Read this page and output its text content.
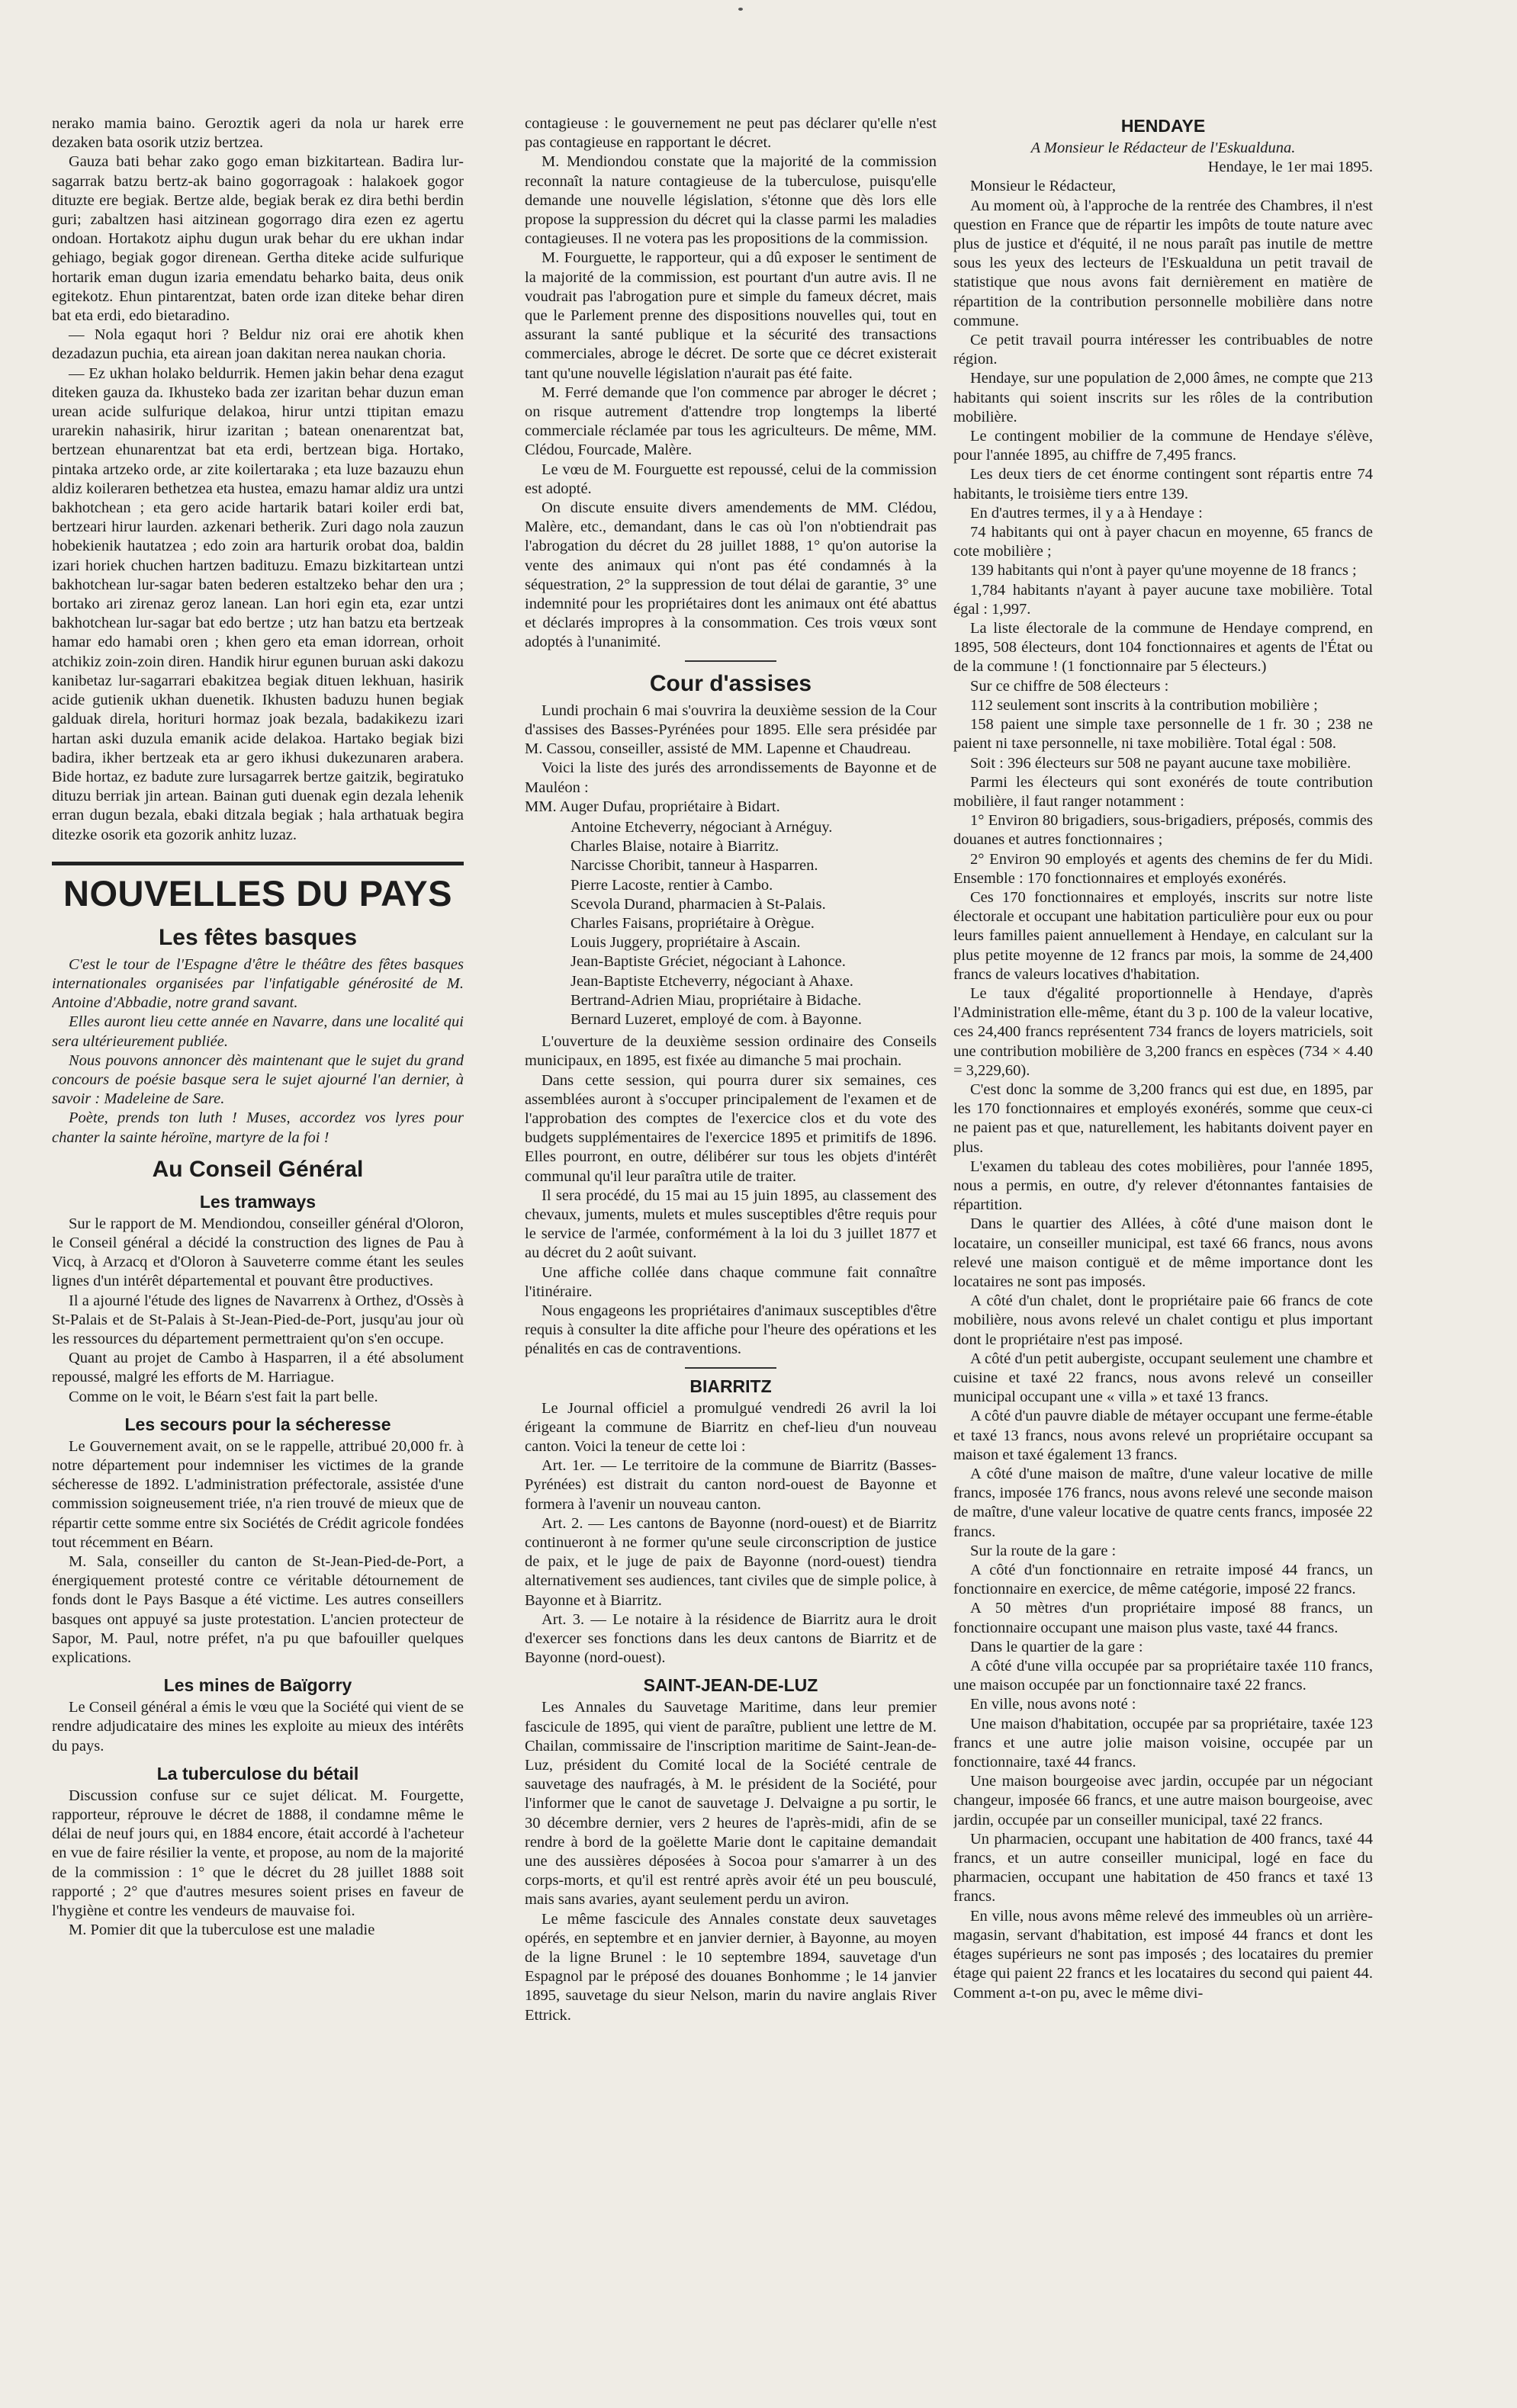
nerako mamia baino. Geroztik ageri da nola ur harek erre dezaken bata osorik utziz bertzea.

Gauza bati behar zako gogo eman bizkitartean. Badira lur-sagarrak batzu bertz-ak baino gogorragoak : halakoek gogor dituzte ere begiak. Bertze alde, begiak berak ez dira bethi berdin guri; zabaltzen hasi aitzinean gogorrago dira ezen ez agertu ondoan. Hortakotz aiphu dugun urak behar du ere ukhan indar gehiago, begiak gogor direnean. Gertha diteke acide sulfurique hortarik eman dugun izaria emendatu beharko baita, deus onik egitekotz. Ehun pintarentzat, baten orde izan diteke behar diren bat eta erdi, edo bietaradino.

— Nola egaqut hori ? Beldur niz orai ere ahotik khen dezadazun puchia, eta airean joan dakitan nerea naukan choria.

— Ez ukhan holako beldurrik. Hemen jakin behar dena ezagut diteken gauza da. Ikhusteko bada zer izaritan behar duzun eman urean acide sulfurique delakoa, hirur untzi ttipitan emazu urarekin nahasirik, hirur izaritan ; batean onenarentzat bat, bertzean ehunarentzat bat eta erdi, bertzean biga. Hortako, pintaka artzeko orde, ar zite koilertaraka ; eta luze bazauzu ehun aldiz koileraren bethetzea eta hustea, emazu hamar aldiz ura untzi bakhotchean ; eta gero acide hartarik batari koiler erdi bat, bertzeari hirur laurden. azkenari betherik. Zuri dago nola zauzun hobekienik hautatzea ; edo zoin ara harturik orobat doa, baldin izari horiek chuchen hartzen badituzu. Emazu bizkitartean untzi bakhotchean lur-sagar baten bederen estaltzeko behar den ura ; bortako ari zirenaz geroz lanean. Lan hori egin eta, ezar untzi bakhotchean lur-sagar bat edo bertze ; utz han batzu eta bertzeak hamar edo hamabi oren ; khen gero eta eman idorrean, orhoit atchikiz zoin-zoin diren. Handik hirur egunen buruan aski dakozu kanibetaz lur-sagarrari ebakitzea begiak dituen lekhuan, hasirik acide gutienik ukhan duenetik. Ikhusten baduzu hunen begiak galduak direla, horituri hormaz joak bezala, badakikezu izari hartan aski duzula emanik acide delakoa. Hartako begiak bizi badira, ikher bertzeak eta ar gero ikhusi dukezunaren arabera. Bide hortaz, ez badute zure lursagarrek bertze gaitzik, begiratuko dituzu berriak jin artean. Bainan guti duenak egin dezala lehenik erran dugun bezala, ebaki ditzala begiak ; hala arthatuak begira ditezke osorik eta gozorik anhitz luzaz.

NOUVELLES DU PAYS
Les fêtes basques

C'est le tour de l'Espagne d'être le théâtre des fêtes basques internationales organisées par l'infatigable générosité de M. Antoine d'Abbadie, notre grand savant.

Elles auront lieu cette année en Navarre, dans une localité qui sera ultérieurement publiée.

Nous pouvons annoncer dès maintenant que le sujet du grand concours de poésie basque sera le sujet ajourné l'an dernier, à savoir : Madeleine de Sare.

Poète, prends ton luth ! Muses, accordez vos lyres pour chanter la sainte héroïne, martyre de la foi !

Au Conseil Général
Les tramways

Sur le rapport de M. Mendiondou, conseiller général d'Oloron, le Conseil général a décidé la construction des lignes de Pau à Vicq, à Arzacq et d'Oloron à Sauveterre comme étant les seules lignes d'un intérêt départemental et pouvant être productives.

Il a ajourné l'étude des lignes de Navarrenx à Orthez, d'Ossès à St-Palais et de St-Palais à St-Jean-Pied-de-Port, jusqu'au jour où les ressources du département permettraient qu'on s'en occupe.

Quant au projet de Cambo à Hasparren, il a été absolument repoussé, malgré les efforts de M. Harriague.

Comme on le voit, le Béarn s'est fait la part belle.

Les secours pour la sécheresse

Le Gouvernement avait, on se le rappelle, attribué 20,000 fr. à notre département pour indemniser les victimes de la grande sécheresse de 1892. L'administration préfectorale, assistée d'une commission soigneusement triée, n'a rien trouvé de mieux que de répartir cette somme entre six Sociétés de Crédit agricole fondées tout récemment en Béarn.

M. Sala, conseiller du canton de St-Jean-Pied-de-Port, a énergiquement protesté contre ce véritable détournement de fonds dont le Pays Basque a été victime. Les autres conseillers basques ont appuyé sa juste protestation. L'ancien protecteur de Sapor, M. Paul, notre préfet, n'a pu que bafouiller quelques explications.

Les mines de Baïgorry

Le Conseil général a émis le vœu que la Société qui vient de se rendre adjudicataire des mines les exploite au mieux des intérêts du pays.

La tuberculose du bétail

Discussion confuse sur ce sujet délicat. M. Fourgette, rapporteur, réprouve le décret de 1888, il condamne même le délai de neuf jours qui, en 1884 encore, était accordé à l'acheteur en vue de faire résilier la vente, et propose, au nom de la majorité de la commission : 1° que le décret du 28 juillet 1888 soit rapporté ; 2° que d'autres mesures soient prises en faveur de l'hygiène et contre les vendeurs de mauvaise foi.

M. Pomier dit que la tuberculose est une maladie

contagieuse : le gouvernement ne peut pas déclarer qu'elle n'est pas contagieuse en rapportant le décret.

M. Mendiondou constate que la majorité de la commission reconnaît la nature contagieuse de la tuberculose, puisqu'elle demande une nouvelle législation, s'étonne que dès lors elle propose la suppression du décret qui la classe parmi les maladies contagieuses. Il ne votera pas les propositions de la commission.

M. Fourguette, le rapporteur, qui a dû exposer le sentiment de la majorité de la commission, est pourtant d'un autre avis. Il ne voudrait pas l'abrogation pure et simple du fameux décret, mais que le Parlement prenne des dispositions nouvelles qui, tout en assurant la santé publique et la sécurité des transactions commerciales, abroge le décret. De sorte que ce décret existerait tant qu'une nouvelle législation n'aurait pas été faite.

M. Ferré demande que l'on commence par abroger le décret ; on risque autrement d'attendre trop longtemps la liberté commerciale réclamée par tous les agriculteurs. De même, MM. Clédou, Fourcade, Malère.

Le vœu de M. Fourguette est repoussé, celui de la commission est adopté.

On discute ensuite divers amendements de MM. Clédou, Malère, etc., demandant, dans le cas où l'on n'obtiendrait pas l'abrogation du décret du 28 juillet 1888, 1° qu'on autorise la vente des animaux qui n'ont pas été condamnés à la séquestration, 2° la suppression de tout délai de garantie, 3° une indemnité pour les propriétaires dont les animaux ont été abattus et déclarés impropres à la consommation. Ces trois vœux sont adoptés à l'unanimité.

Cour d'assises

Lundi prochain 6 mai s'ouvrira la deuxième session de la Cour d'assises des Basses-Pyrénées pour 1895. Elle sera présidée par M. Cassou, conseiller, assisté de MM. Lapenne et Chaudreau.

Voici la liste des jurés des arrondissements de Bayonne et de Mauléon :

MM. Auger Dufau, propriétaire à Bidart.

Antoine Etcheverry, négociant à Arnéguy.
Charles Blaise, notaire à Biarritz.
Narcisse Choribit, tanneur à Hasparren.
Pierre Lacoste, rentier à Cambo.
Scevola Durand, pharmacien à St-Palais.
Charles Faisans, propriétaire à Orègue.
Louis Juggery, propriétaire à Ascain.
Jean-Baptiste Gréciet, négociant à Lahonce.
Jean-Baptiste Etcheverry, négociant à Ahaxe.
Bertrand-Adrien Miau, propriétaire à Bidache.
Bernard Luzeret, employé de com. à Bayonne.

L'ouverture de la deuxième session ordinaire des Conseils municipaux, en 1895, est fixée au dimanche 5 mai prochain.

Dans cette session, qui pourra durer six semaines, ces assemblées auront à s'occuper principalement de l'examen et de l'approbation des comptes de l'exercice clos et du vote des budgets supplémentaires de l'exercice 1895 et primitifs de 1896. Elles pourront, en outre, délibérer sur tous les objets d'intérêt communal qu'il leur paraîtra utile de traiter.

Il sera procédé, du 15 mai au 15 juin 1895, au classement des chevaux, juments, mulets et mules susceptibles d'être requis pour le service de l'armée, conformément à la loi du 3 juillet 1877 et au décret du 2 août suivant.

Une affiche collée dans chaque commune fait connaître l'itinéraire.

Nous engageons les propriétaires d'animaux susceptibles d'être requis à consulter la dite affiche pour l'heure des opérations et les pénalités en cas de contraventions.

BIARRITZ

Le Journal officiel a promulgué vendredi 26 avril la loi érigeant la commune de Biarritz en chef-lieu d'un nouveau canton. Voici la teneur de cette loi :

Art. 1er. — Le territoire de la commune de Biarritz (Basses-Pyrénées) est distrait du canton nord-ouest de Bayonne et formera à l'avenir un nouveau canton.

Art. 2. — Les cantons de Bayonne (nord-ouest) et de Biarritz continueront à ne former qu'une seule circonscription de justice de paix, et le juge de paix de Bayonne (nord-ouest) tiendra alternativement ses audiences, tant civiles que de simple police, à Bayonne et à Biarritz.

Art. 3. — Le notaire à la résidence de Biarritz aura le droit d'exercer ses fonctions dans les deux cantons de Biarritz et de Bayonne (nord-ouest).

SAINT-JEAN-DE-LUZ

Les Annales du Sauvetage Maritime, dans leur premier fascicule de 1895, qui vient de paraître, publient une lettre de M. Chailan, commissaire de l'inscription maritime de Saint-Jean-de-Luz, président du Comité local de la Société centrale de sauvetage des naufragés, à M. le président de la Société, pour l'informer que le canot de sauvetage J. Delvaigne a pu sortir, le 30 décembre dernier, vers 2 heures de l'après-midi, afin de se rendre à bord de la goëlette Marie dont le capitaine demandait une des aussières déposées à Socoa pour s'amarrer à un des corps-morts, et qu'il est rentré après avoir été un peu bousculé, mais sans avaries, ayant seulement perdu un aviron.

Le même fascicule des Annales constate deux sauvetages opérés, en septembre et en janvier dernier, à Bayonne, au moyen de la ligne Brunel : le 10 septembre 1894, sauvetage d'un Espagnol par le préposé des douanes Bonhomme ; le 14 janvier 1895, sauvetage du sieur Nelson, marin du navire anglais River Ettrick.

HENDAYE

A Monsieur le Rédacteur de l'Eskualduna.

Hendaye, le 1er mai 1895.

Monsieur le Rédacteur,

Au moment où, à l'approche de la rentrée des Chambres, il n'est question en France que de répartir les impôts de toute nature avec plus de justice et d'équité, il ne nous paraît pas inutile de mettre sous les yeux des lecteurs de l'Eskualduna un petit travail de statistique que nous avons fait dernièrement en matière de répartition de la contribution personnelle mobilière dans notre commune.

Ce petit travail pourra intéresser les contribuables de notre région.

Hendaye, sur une population de 2,000 âmes, ne compte que 213 habitants qui soient inscrits sur les rôles de la contribution mobilière.

Le contingent mobilier de la commune de Hendaye s'élève, pour l'année 1895, au chiffre de 7,495 francs.

Les deux tiers de cet énorme contingent sont répartis entre 74 habitants, le troisième tiers entre 139.

En d'autres termes, il y a à Hendaye :

74 habitants qui ont à payer chacun en moyenne, 65 francs de cote mobilière ;

139 habitants qui n'ont à payer qu'une moyenne de 18 francs ;

1,784 habitants n'ayant à payer aucune taxe mobilière. Total égal : 1,997.

La liste électorale de la commune de Hendaye comprend, en 1895, 508 électeurs, dont 104 fonctionnaires et agents de l'État ou de la commune ! (1 fonctionnaire par 5 électeurs.)

Sur ce chiffre de 508 électeurs :

112 seulement sont inscrits à la contribution mobilière ;

158 paient une simple taxe personnelle de 1 fr. 30 ; 238 ne paient ni taxe personnelle, ni taxe mobilière. Total égal : 508.

Soit : 396 électeurs sur 508 ne payant aucune taxe mobilière.

Parmi les électeurs qui sont exonérés de toute contribution mobilière, il faut ranger notamment :

1° Environ 80 brigadiers, sous-brigadiers, préposés, commis des douanes et autres fonctionnaires ;

2° Environ 90 employés et agents des chemins de fer du Midi. Ensemble : 170 fonctionnaires et employés exonérés.

Ces 170 fonctionnaires et employés, inscrits sur notre liste électorale et occupant une habitation particulière pour eux ou pour leurs familles paient annuellement à Hendaye, en calculant sur la plus petite moyenne de 12 francs par mois, la somme de 24,400 francs de valeurs locatives d'habitation.

Le taux d'égalité proportionnelle à Hendaye, d'après l'Administration elle-même, étant du 3 p. 100 de la valeur locative, ces 24,400 francs représentent 734 francs de loyers matriciels, soit une contribution mobilière de 3,200 francs en espèces (734 × 4.40 = 3,229,60).

C'est donc la somme de 3,200 francs qui est due, en 1895, par les 170 fonctionnaires et employés exonérés, somme que ceux-ci ne paient pas et que, naturellement, les habitants doivent payer en plus.

L'examen du tableau des cotes mobilières, pour l'année 1895, nous a permis, en outre, d'y relever d'étonnantes fantaisies de répartition.

Dans le quartier des Allées, à côté d'une maison dont le locataire, un conseiller municipal, est taxé 66 francs, nous avons relevé une maison contiguë et de même importance dont les locataires ne sont pas imposés.

A côté d'un chalet, dont le propriétaire paie 66 francs de cote mobilière, nous avons relevé un chalet contigu et plus important dont le propriétaire n'est pas imposé.

A côté d'un petit aubergiste, occupant seulement une chambre et cuisine et taxé 22 francs, nous avons relevé un conseiller municipal occupant une « villa » et taxé 13 francs.

A côté d'un pauvre diable de métayer occupant une ferme-étable et taxé 13 francs, nous avons relevé un propriétaire occupant sa maison et taxé également 13 francs.

A côté d'une maison de maître, d'une valeur locative de mille francs, imposée 176 francs, nous avons relevé une seconde maison de maître, d'une valeur locative de quatre cents francs, imposée 22 francs.

Sur la route de la gare :

A côté d'un fonctionnaire en retraite imposé 44 francs, un fonctionnaire en exercice, de même catégorie, imposé 22 francs.

A 50 mètres d'un propriétaire imposé 88 francs, un fonctionnaire occupant une maison plus vaste, taxé 44 francs.

Dans le quartier de la gare :

A côté d'une villa occupée par sa propriétaire taxée 110 francs, une maison occupée par un fonctionnaire taxé 22 francs.

En ville, nous avons noté :

Une maison d'habitation, occupée par sa propriétaire, taxée 123 francs et une autre jolie maison voisine, occupée par un fonctionnaire, taxé 44 francs.

Une maison bourgeoise avec jardin, occupée par un négociant changeur, imposée 66 francs, et une autre maison bourgeoise, avec jardin, occupée par un conseiller municipal, taxé 22 francs.

Un pharmacien, occupant une habitation de 400 francs, taxé 44 francs, et un autre conseiller municipal, logé en face du pharmacien, occupant une habitation de 450 francs et taxé 13 francs.

En ville, nous avons même relevé des immeubles où un arrière-magasin, servant d'habitation, est imposé 44 francs et dont les étages supérieurs ne sont pas imposés ; des locataires du premier étage qui paient 22 francs et les locataires du second qui paient 44. Comment a-t-on pu, avec le même divi-
